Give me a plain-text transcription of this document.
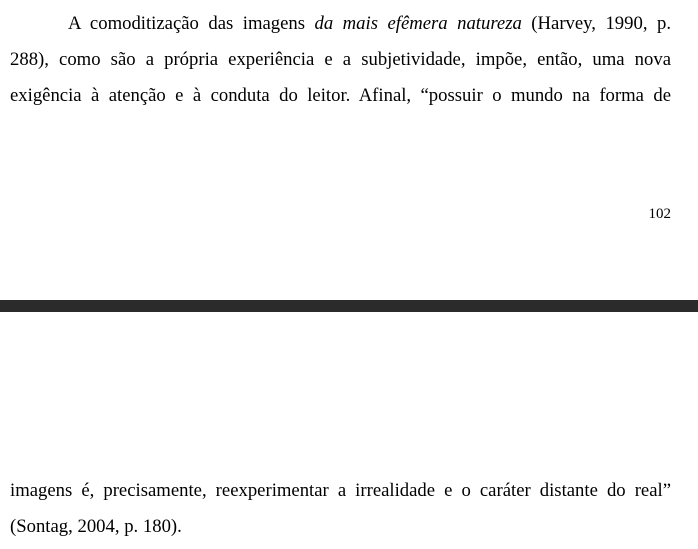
A comoditização das imagens da mais efêmera natureza (Harvey, 1990, p.
288), como são a própria experiência e a subjetividade, impõe, então, uma nova
exigência à atenção e à conduta do leitor. Afinal, “possuir o mundo na forma de

102

imagens é, precisamente, reexperimentar a irrealidade e o caráter distante do real”
(Sontag, 2004, p. 180).
